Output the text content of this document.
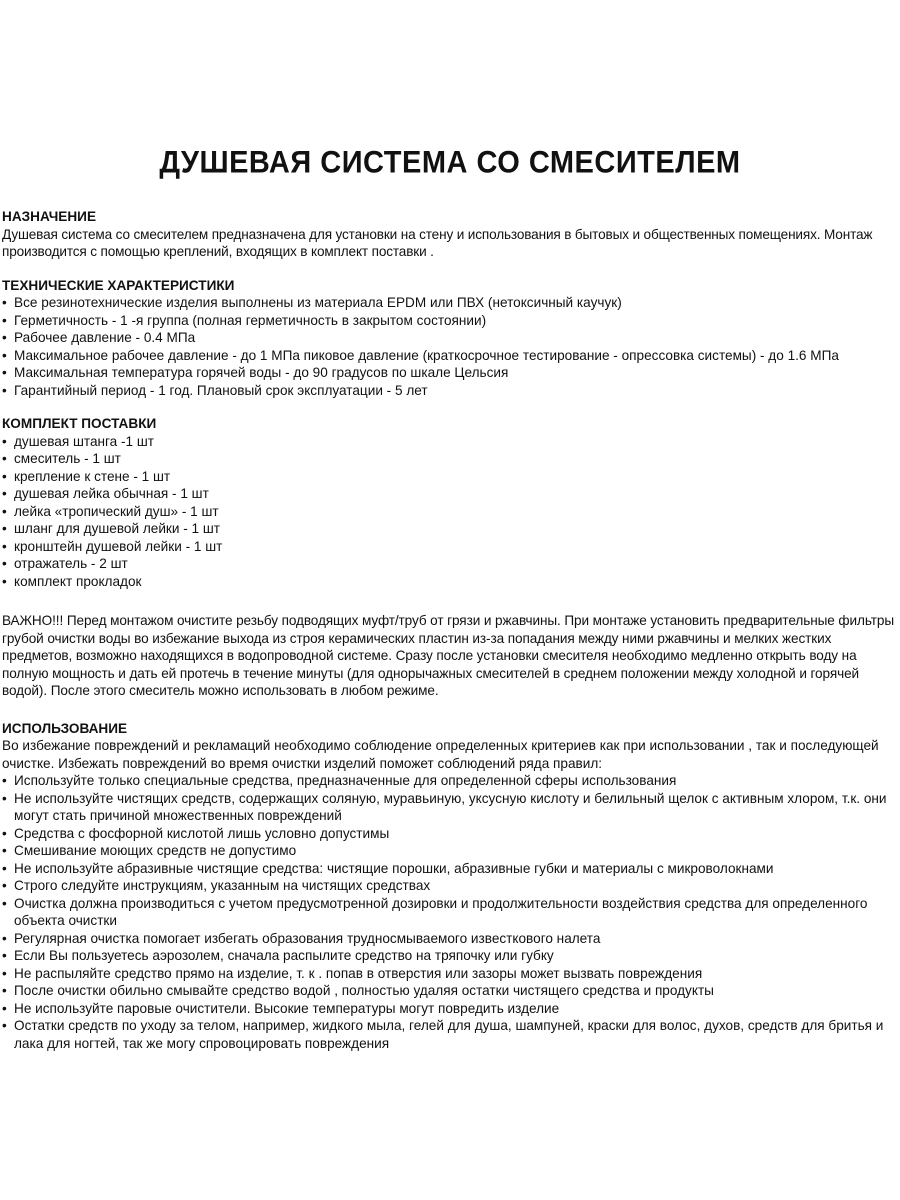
ДУШЕВАЯ СИСТЕМА СО СМЕСИТЕЛЕМ
НАЗНАЧЕНИЕ
Душевая система со смесителем предназначена для установки на стену и использования в бытовых и общественных помещениях. Монтаж производится с помощью креплений, входящих в комплект поставки .
ТЕХНИЧЕСКИЕ ХАРАКТЕРИСТИКИ
• Все резинотехнические изделия выполнены из материала EPDM или ПВХ (нетоксичный каучук)
• Герметичность - 1 -я группа (полная герметичность в закрытом состоянии)
• Рабочее давление - 0.4 МПа
• Максимальное рабочее давление - до 1 МПа пиковое давление (краткосрочное тестирование - опрессовка системы) - до 1.6 МПа
• Максимальная температура горячей воды - до 90 градусов по шкале Цельсия
• Гарантийный период - 1 год. Плановый срок эксплуатации - 5 лет
КОМПЛЕКТ ПОСТАВКИ
• душевая штанга -1 шт
• смеситель - 1 шт
• крепление к стене - 1 шт
• душевая лейка обычная - 1 шт
• лейка «тропический душ» - 1 шт
• шланг для душевой лейки - 1 шт
• кронштейн душевой лейки - 1 шт
• отражатель - 2 шт
• комплект прокладок
ВАЖНО!!! Перед монтажом очистите резьбу подводящих муфт/труб от грязи и ржавчины. При монтаже установить предварительные фильтры грубой очистки воды во избежание выхода из строя керамических пластин из-за попадания между ними ржавчины и мелких жестких предметов, возможно находящихся в водопроводной системе. Сразу после установки смесителя необходимо медленно открыть воду на полную мощность и дать ей протечь в течение минуты (для однорычажных смесителей в среднем положении между холодной и горячей водой). После этого смеситель можно использовать в любом режиме.
ИСПОЛЬЗОВАНИЕ
Во избежание повреждений и рекламаций необходимо соблюдение определенных критериев как при использовании , так и последующей очистке. Избежать повреждений во время очистки изделий поможет соблюдений ряда правил:
• Используйте только специальные средства, предназначенные для определенной сферы использования
• Не используйте чистящих средств, содержащих соляную, муравьиную, уксусную кислоту и белильный щелок с активным хлором, т.к. они могут стать причиной множественных повреждений
• Средства с фосфорной кислотой лишь условно допустимы
• Смешивание моющих средств не допустимо
• Не используйте абразивные чистящие средства: чистящие порошки, абразивные губки и материалы с микроволокнами
• Строго следуйте инструкциям, указанным на чистящих средствах
• Очистка должна производиться с учетом предусмотренной дозировки и продолжительности воздействия средства для определенного объекта очистки
• Регулярная очистка помогает избегать образования трудносмываемого известкового налета
• Если Вы пользуетесь аэрозолем, сначала распылите средство на тряпочку или губку
• Не распыляйте средство прямо на изделие, т. к . попав в отверстия или зазоры может вызвать повреждения
• После очистки обильно смывайте средство водой , полностью удаляя остатки чистящего средства и продукты
• Не используйте паровые очистители. Высокие температуры могут повредить изделие
• Остатки средств по уходу за телом, например, жидкого мыла, гелей для душа, шампуней, краски для волос, духов, средств для бритья и лака для ногтей, так же могу спровоцировать повреждения
